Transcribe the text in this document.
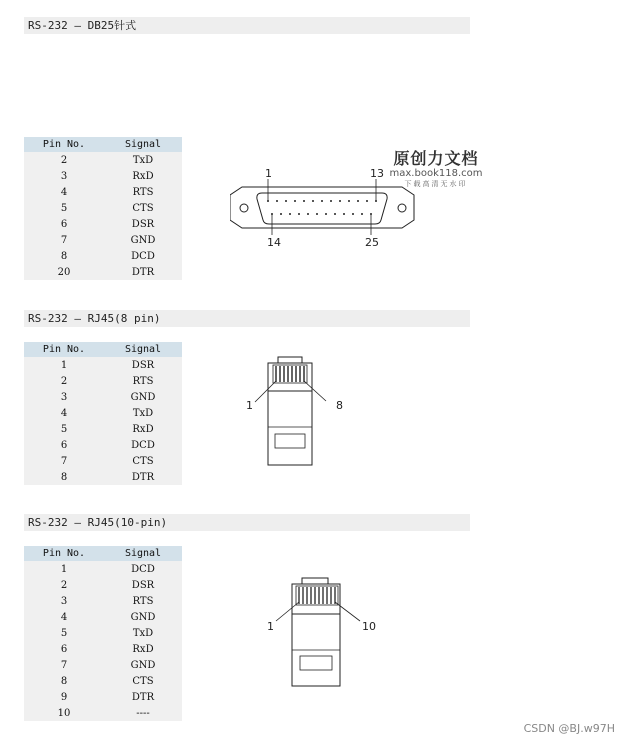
RS-232 — DB25针式
Pin No.	Signal
2	TxD
3	RxD
4	RTS
5	CTS
6	DSR
7	GND
8	DCD
20	DTR
1	13
14	25
原创力文档
max.book118.com
下载高清无水印
RS-232 — RJ45(8 pin)
Pin No.	Signal
1	DSR
2	RTS
3	GND
4	TxD
5	RxD
6	DCD
7	CTS
8	DTR
1	8
RS-232 — RJ45(10-pin)
Pin No.	Signal
1	DCD
2	DSR
3	RTS
4	GND
5	TxD
6	RxD
7	GND
8	CTS
9	DTR
10	----
1	10
CSDN @BJ.w97H
